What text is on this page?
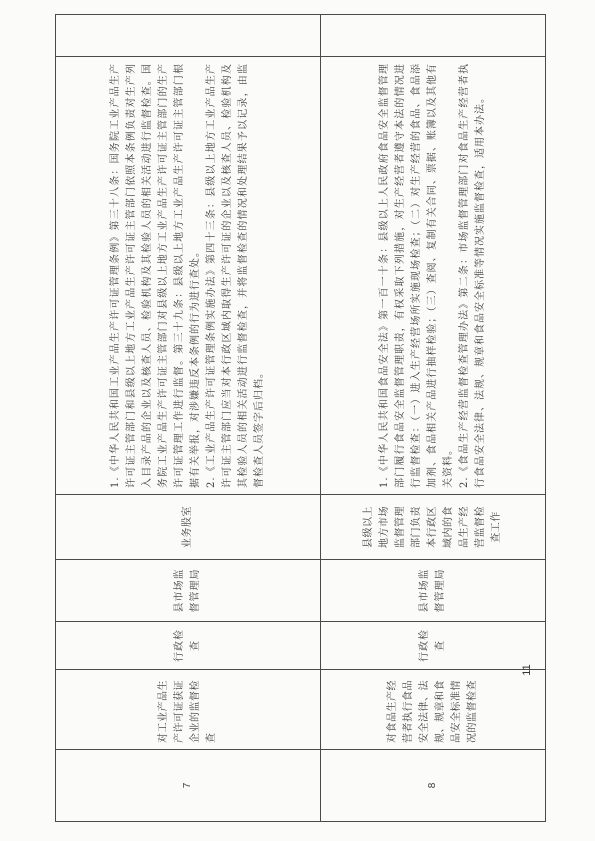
7	对工业产品生产许可证获证企业的监督检查	行政检查	县市场监督管理局	业务股室	1.《中华人民共和国工业产品生产许可证管理条例》第三十八条：国务院工业产品生产许可证主管部门和县级以上地方工业产品生产许可证主管部门依照本条例负责对生产列入目录产品的企业以及核查人员、检验机构及其检验人员的相关活动进行监督检查。国务院工业产品生产许可证主管部门对县级以上地方工业产品生产许可证主管部门的生产许可证管理工作进行监督。第三十九条：县级以上地方工业产品生产许可证主管部门根据有关举报，对涉嫌违反本条例的行为进行查处。 2.《工业产品生产许可证管理条例实施办法》第四十三条：县级以上地方工业产品生产许可证主管部门应当对本行政区域内取得生产许可证的企业以及核查人员、检验机构及其检验人员的相关活动进行监督检查，并将监督检查的情况和处理结果予以记录，由监督检查人员签字后归档。	

8	对食品生产经营者执行食品安全法律、法规、规章和食品安全标准情况的监督检查	行政检查	县市场监督管理局	县级以上地方市场监督管理部门负责本行政区域内的食品生产经营监督检查工作	1.《中华人民共和国食品安全法》第一百一十条：县级以上人民政府食品安全监督管理部门履行食品安全监督管理职责，有权采取下列措施，对生产经营者遵守本法的情况进行监督检查：（一）进入生产经营场所实施现场检查；（二）对生产经营的食品、食品添加剂、食品相关产品进行抽样检验；（三）查阅、复制有关合同、票据、账簿以及其他有关资料。 2.《食品生产经营监督检查管理办法》第二条：市场监督管理部门对食品生产经营者执行食品安全法律、法规、规章和食品安全标准等情况实施监督检查，适用本办法。	

11
